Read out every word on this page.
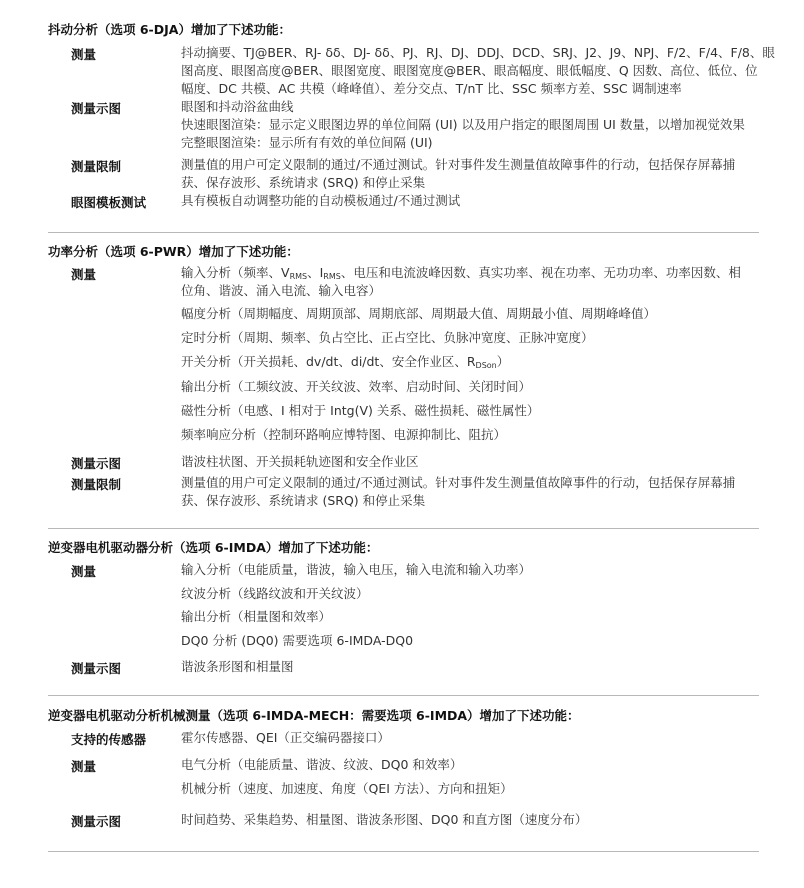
抖动分析（选项 6-DJA）增加了下述功能：
测量	抖动摘要、TJ@BER、RJ- δδ、DJ- δδ、PJ、RJ、DJ、DDJ、DCD、SRJ、J2、J9、NPJ、F/2、F/4、F/8、眼
图高度、眼图高度@BER、眼图宽度、眼图宽度@BER、眼高幅度、眼低幅度、Q 因数、高位、低位、位
幅度、DC 共模、AC 共模（峰峰值）、差分交点、T/nT 比、SSC 频率方差、SSC 调制速率
测量示图	眼图和抖动浴盆曲线
快速眼图渲染：显示定义眼图边界的单位间隔 (UI) 以及用户指定的眼图周围 UI 数量，以增加视觉效果
完整眼图渲染：显示所有有效的单位间隔 (UI)
测量限制	测量值的用户可定义限制的通过/不通过测试。针对事件发生测量值故障事件的行动，包括保存屏幕捕
获、保存波形、系统请求 (SRQ) 和停止采集
眼图模板测试	具有模板自动调整功能的自动模板通过/不通过测试
功率分析（选项 6-PWR）增加了下述功能：
测量	输入分析（频率、$V_{RMS}$、$I_{RMS}$、电压和电流波峰因数、真实功率、视在功率、无功功率、功率因数、相
位角、谐波、涌入电流、输入电容）
幅度分析（周期幅度、周期顶部、周期底部、周期最大值、周期最小值、周期峰峰值）
定时分析（周期、频率、负占空比、正占空比、负脉冲宽度、正脉冲宽度）
开关分析（开关损耗、dv/dt、di/dt、安全作业区、$R_{DSon}$）
输出分析（工频纹波、开关纹波、效率、启动时间、关闭时间）
磁性分析（电感、I 相对于 Intg(V) 关系、磁性损耗、磁性属性）
频率响应分析（控制环路响应博特图、电源抑制比、阻抗）
测量示图	谐波柱状图、开关损耗轨迹图和安全作业区
测量限制	测量值的用户可定义限制的通过/不通过测试。针对事件发生测量值故障事件的行动，包括保存屏幕捕
获、保存波形、系统请求 (SRQ) 和停止采集
逆变器电机驱动器分析（选项 6-IMDA）增加了下述功能：
测量	输入分析（电能质量，谐波，输入电压，输入电流和输入功率）
纹波分析（线路纹波和开关纹波）
输出分析（相量图和效率）
DQ0 分析 (DQ0) 需要选项 6-IMDA-DQ0
测量示图	谐波条形图和相量图
逆变器电机驱动分析机械测量（选项 6-IMDA-MECH：需要选项 6-IMDA）增加了下述功能：
支持的传感器	霍尔传感器、QEI（正交编码器接口）
测量	电气分析（电能质量、谐波、纹波、DQ0 和效率）
机械分析（速度、加速度、角度（QEI 方法）、方向和扭矩）
测量示图	时间趋势、采集趋势、相量图、谐波条形图、DQ0 和直方图（速度分布）
